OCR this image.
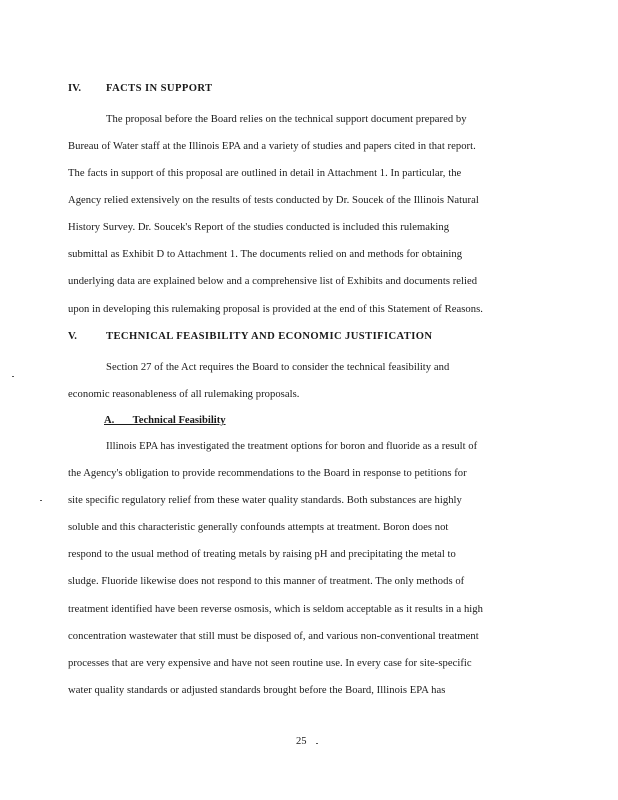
IV. FACTS IN SUPPORT
The proposal before the Board relies on the technical support document prepared by
Bureau of Water staff at the Illinois EPA and a variety of studies and papers cited in that report.
The facts in support of this proposal are outlined in detail in Attachment 1. In particular, the
Agency relied extensively on the results of tests conducted by Dr. Soucek of the Illinois Natural
History Survey. Dr. Soucek's Report of the studies conducted is included this rulemaking
submittal as Exhibit D to Attachment 1. The documents relied on and methods for obtaining
underlying data are explained below and a comprehensive list of Exhibits and documents relied
upon in developing this rulemaking proposal is provided at the end of this Statement of Reasons.
V.	TECHNICAL FEASIBILITY AND ECONOMIC JUSTIFICATION
Section 27 of the Act requires the Board to consider the technical feasibility and
economic reasonableness of all rulemaking proposals.
A.       Technical Feasibility
Illinois EPA has investigated the treatment options for boron and fluoride as a result of
the Agency's obligation to provide recommendations to the Board in response to petitions for
site specific regulatory relief from these water quality standards. Both substances are highly
soluble and this characteristic generally confounds attempts at treatment. Boron does not
respond to the usual method of treating metals by raising pH and precipitating the metal to
sludge. Fluoride likewise does not respond to this manner of treatment. The only methods of
treatment identified have been reverse osmosis, which is seldom acceptable as it results in a high
concentration wastewater that still must be disposed of, and various non-conventional treatment
processes that are very expensive and have not seen routine use. In every case for site-specific
water quality standards or adjusted standards brought before the Board, Illinois EPA has
25
